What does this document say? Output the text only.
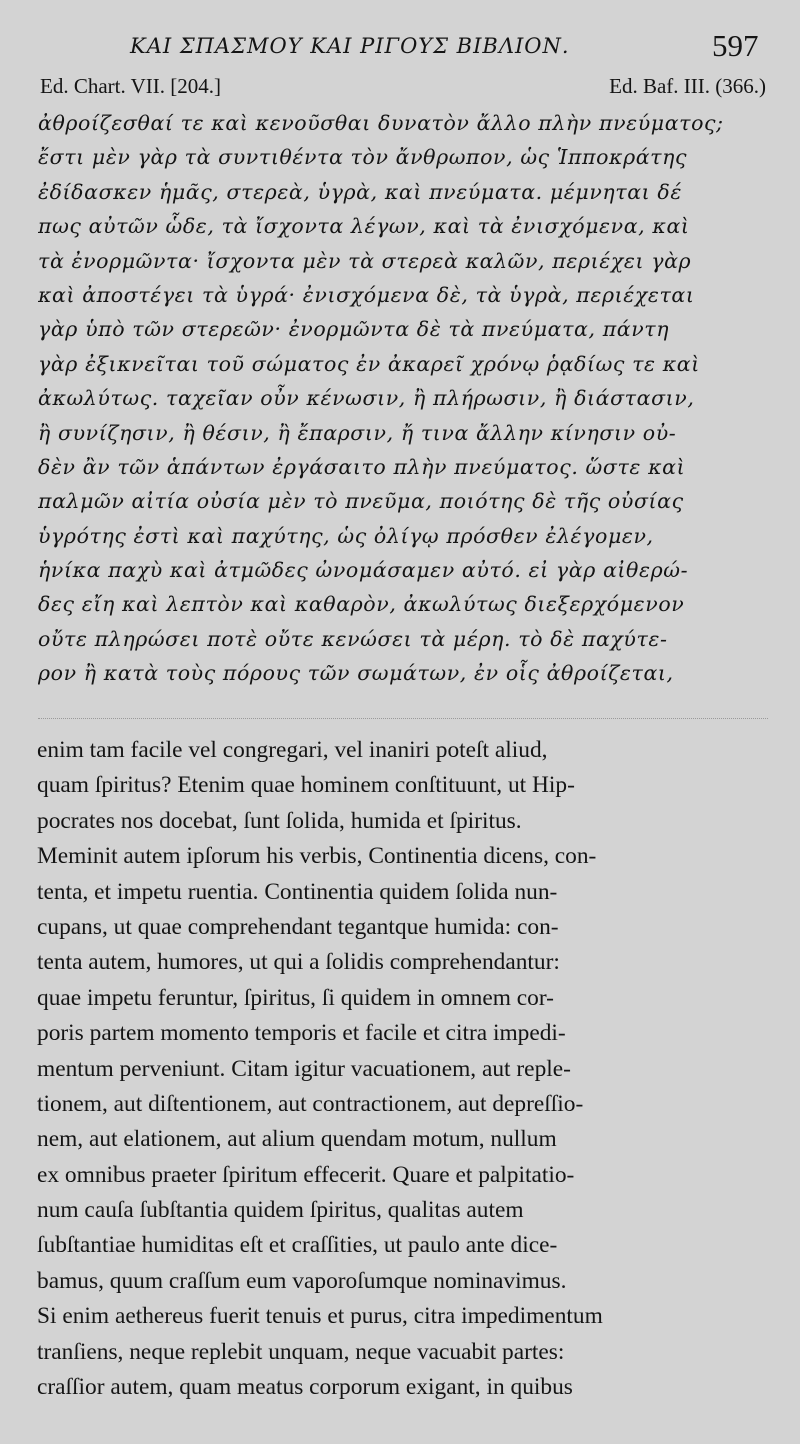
ΚΑΙ ΣΠΑΣΜΟΥ ΚΑΙ ΡΙΓΟΥΣ ΒΙΒΛΙΟΝ.	597
Ed. Chart. VII. [204.]	Ed. Baf. III. (366.)
ἀθροίζεσθαί τε καὶ κενοῦσθαι δυνατὸν ἄλλο πλὴν πνεύματος;
ἔστι μὲν γὰρ τὰ συντιθέντα τὸν ἄνθρωπον, ὡς Ἱπποκράτης
ἐδίδασκεν ἡμᾶς, στερεὰ, ὑγρὰ, καὶ πνεύματα. μέμνηται δέ
πως αὐτῶν ὧδε, τὰ ἴσχοντα λέγων, καὶ τὰ ἐνισχόμενα, καὶ
τὰ ἐνορμῶντα· ἴσχοντα μὲν τὰ στερεὰ καλῶν, περιέχει γὰρ
καὶ ἀποστέγει τὰ ὑγρά· ἐνισχόμενα δὲ, τὰ ὑγρὰ, περιέχεται
γὰρ ὑπὸ τῶν στερεῶν· ἐνορμῶντα δὲ τὰ πνεύματα, πάντη
γὰρ ἐξικνεῖται τοῦ σώματος ἐν ἀκαρεῖ χρόνῳ ῥᾳδίως τε καὶ
ἀκωλύτως. ταχεῖαν οὖν κένωσιν, ἢ πλήρωσιν, ἢ διάστασιν,
ἢ συνίζησιν, ἢ θέσιν, ἢ ἔπαρσιν, ἤ τινα ἄλλην κίνησιν οὐ-
δὲν ἂν τῶν ἁπάντων ἐργάσαιτο πλὴν πνεύματος. ὥστε καὶ
παλμῶν αἰτία οὐσία μὲν τὸ πνεῦμα, ποιότης δὲ τῆς οὐσίας
ὑγρότης ἐστὶ καὶ παχύτης, ὡς ὀλίγῳ πρόσθεν ἐλέγομεν,
ἡνίκα παχὺ καὶ ἀτμῶδες ὠνομάσαμεν αὐτό. εἰ γὰρ αἰθερώ-
δες εἴη καὶ λεπτὸν καὶ καθαρὸν, ἀκωλύτως διεξερχόμενον
οὔτε πληρώσει ποτὲ οὔτε κενώσει τὰ μέρη. τὸ δὲ παχύτε-
ρον ἢ κατὰ τοὺς πόρους τῶν σωμάτων, ἐν οἷς ἀθροίζεται,
enim tam facile vel congregari, vel inaniri poteſt aliud,
quam ſpiritus? Etenim quae hominem conſtituunt, ut Hip-
pocrates nos docebat, ſunt ſolida, humida et ſpiritus.
Meminit autem ipſorum his verbis, Continentia dicens, con-
tenta, et impetu ruentia. Continentia quidem ſolida nun-
cupans, ut quae comprehendant tegantque humida: con-
tenta autem, humores, ut qui a ſolidis comprehendantur:
quae impetu feruntur, ſpiritus, ſi quidem in omnem cor-
poris partem momento temporis et facile et citra impedi-
mentum perveniunt. Citam igitur vacuationem, aut reple-
tionem, aut diſtentionem, aut contractionem, aut depreſſio-
nem, aut elationem, aut alium quendam motum, nullum
ex omnibus praeter ſpiritum effecerit. Quare et palpitatio-
num cauſa ſubſtantia quidem ſpiritus, qualitas autem
ſubſtantiae humiditas eſt et craſſities, ut paulo ante dice-
bamus, quum craſſum eum vaporoſumque nominavimus.
Si enim aethereus fuerit tenuis et purus, citra impedimentum
tranſiens, neque replebit unquam, neque vacuabit partes:
craſſior autem, quam meatus corporum exigant, in quibus
